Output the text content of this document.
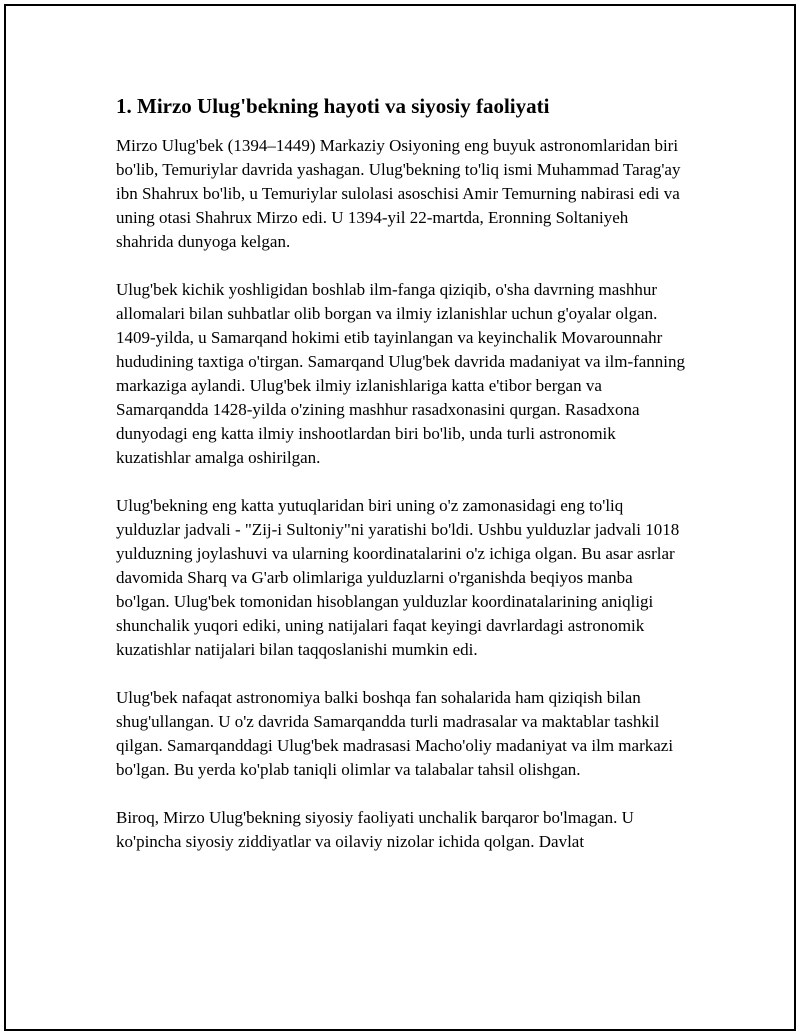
1. Mirzo Ulug'bekning hayoti va siyosiy faoliyati

Mirzo Ulug'bek (1394–1449) Markaziy Osiyoning eng buyuk astronomlaridan biri bo'lib, Temuriylar davrida yashagan. Ulug'bekning to'liq ismi Muhammad Tarag'ay ibn Shahrux bo'lib, u Temuriylar sulolasi asoschisi Amir Temurning nabirasi edi va uning otasi Shahrux Mirzo edi. U 1394-yil 22-martda, Eronning Soltaniyeh shahrida dunyoga kelgan.

Ulug'bek kichik yoshligidan boshlab ilm-fanga qiziqib, o'sha davrning mashhur allomalari bilan suhbatlar olib borgan va ilmiy izlanishlar uchun g'oyalar olgan. 1409-yilda, u Samarqand hokimi etib tayinlangan va keyinchalik Movarounnahr hududining taxtiga o'tirgan. Samarqand Ulug'bek davrida madaniyat va ilm-fanning markaziga aylandi. Ulug'bek ilmiy izlanishlariga katta e'tibor bergan va Samarqandda 1428-yilda o'zining mashhur rasadxonasini qurgan. Rasadxona dunyodagi eng katta ilmiy inshootlardan biri bo'lib, unda turli astronomik kuzatishlar amalga oshirilgan.

Ulug'bekning eng katta yutuqlaridan biri uning o'z zamonasidagi eng to'liq yulduzlar jadvali - "Zij-i Sultoniy"ni yaratishi bo'ldi. Ushbu yulduzlar jadvali 1018 yulduzning joylashuvi va ularning koordinatalarini o'z ichiga olgan. Bu asar asrlar davomida Sharq va G'arb olimlariga yulduzlarni o'rganishda beqiyos manba bo'lgan. Ulug'bek tomonidan hisoblangan yulduzlar koordinatalarining aniqligi shunchalik yuqori ediki, uning natijalari faqat keyingi davrlardagi astronomik kuzatishlar natijalari bilan taqqoslanishi mumkin edi.

Ulug'bek nafaqat astronomiya balki boshqa fan sohalarida ham qiziqish bilan shug'ullangan. U o'z davrida Samarqandda turli madrasalar va maktablar tashkil qilgan. Samarqanddagi Ulug'bek madrasasi Macho'oliy madaniyat va ilm markazi bo'lgan. Bu yerda ko'plab taniqli olimlar va talabalar tahsil olishgan.

Biroq, Mirzo Ulug'bekning siyosiy faoliyati unchalik barqaror bo'lmagan. U ko'pincha siyosiy ziddiyatlar va oilaviy nizolar ichida qolgan. Davlat
